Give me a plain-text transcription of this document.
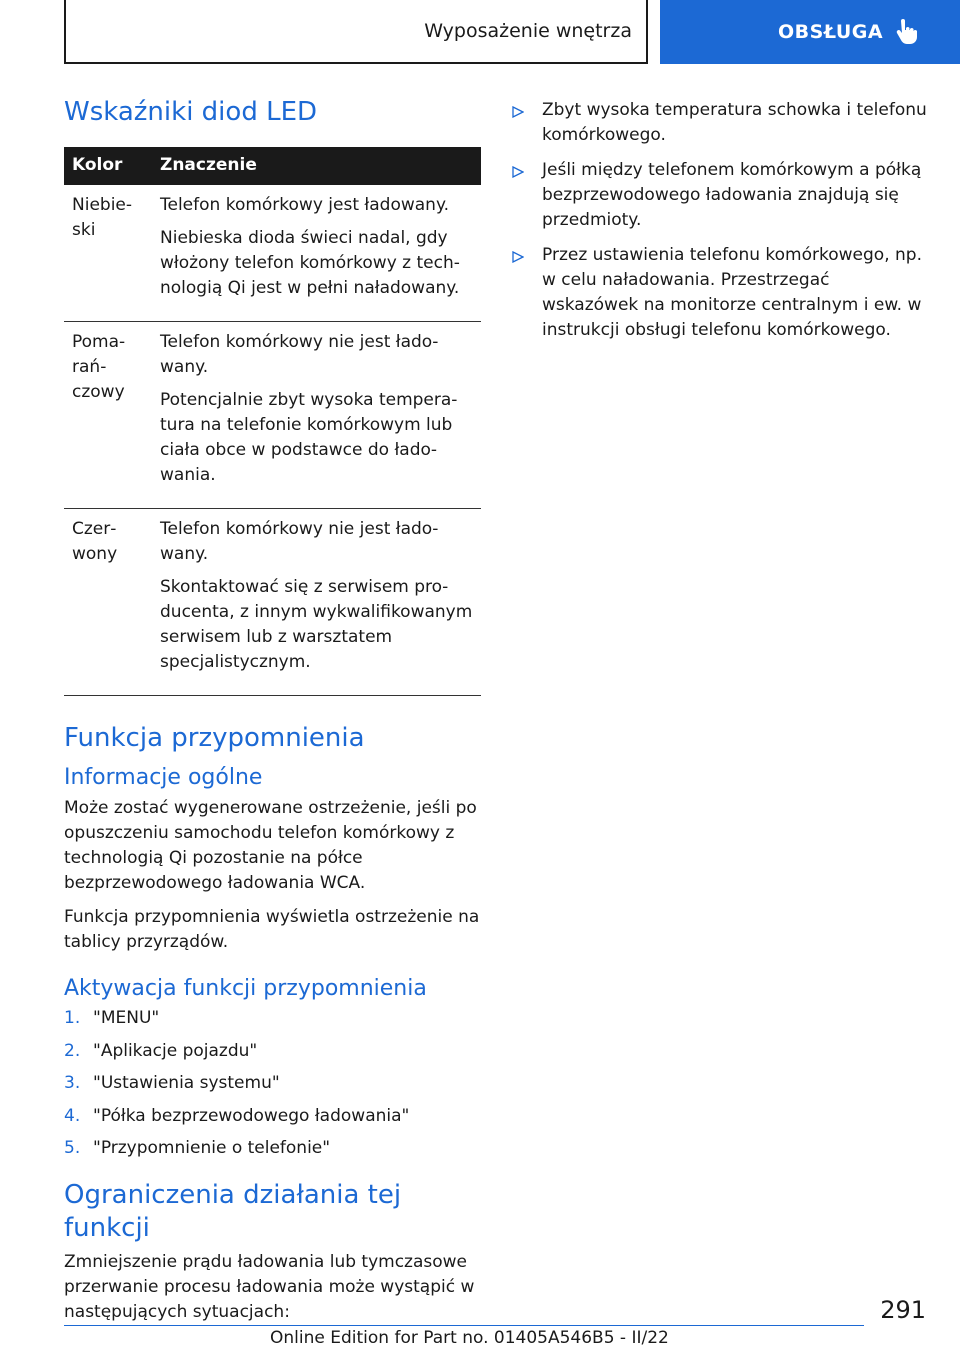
Wyposażenie wnętrza	OBSŁUGA
Wskaźniki diod LED
Kolor	Znaczenie
Niebieski	Telefon komórkowy jest ładowany.

Niebieska dioda świeci nadal, gdy włożony telefon komórkowy z technologią Qi jest w pełni naładowany.

Pomarańczowy	Telefon komórkowy nie jest ładowany.

Potencjalnie zbyt wysoka temperatura na telefonie komórkowym lub ciała obce w podstawce do ładowania.

Czerwony	Telefon komórkowy nie jest ładowany.

Skontaktować się z serwisem producenta, z innym wykwalifikowanym serwisem lub z warsztatem specjalistycznym.

Funkcja przypomnienia
Informacje ogólne

Może zostać wygenerowane ostrzeżenie, jeśli po opuszczeniu samochodu telefon komórkowy z technologią Qi pozostanie na półce bezprzewodowego ładowania WCA.

Funkcja przypomnienia wyświetla ostrzeżenie na tablicy przyrządów.

Aktywacja funkcji przypomnienia
1. "MENU"
2. "Aplikacje pojazdu"
3. "Ustawienia systemu"
4. "Półka bezprzewodowego ładowania"
5. "Przypomnienie o telefonie"
Ograniczenia działania tej funkcji

Zmniejszenie prądu ładowania lub tymczasowe przerwanie procesu ładowania może wystąpić w następujących sytuacjach:

Zbyt wysoka temperatura schowka i telefonu komórkowego.
Jeśli między telefonem komórkowym a półką bezprzewodowego ładowania znajdują się przedmioty.
Przez ustawienia telefonu komórkowego, np. w celu naładowania. Przestrzegać wskazówek na monitorze centralnym i ew. w instrukcji obsługi telefonu komórkowego.
291
Online Edition for Part no. 01405A546B5 - II/22
